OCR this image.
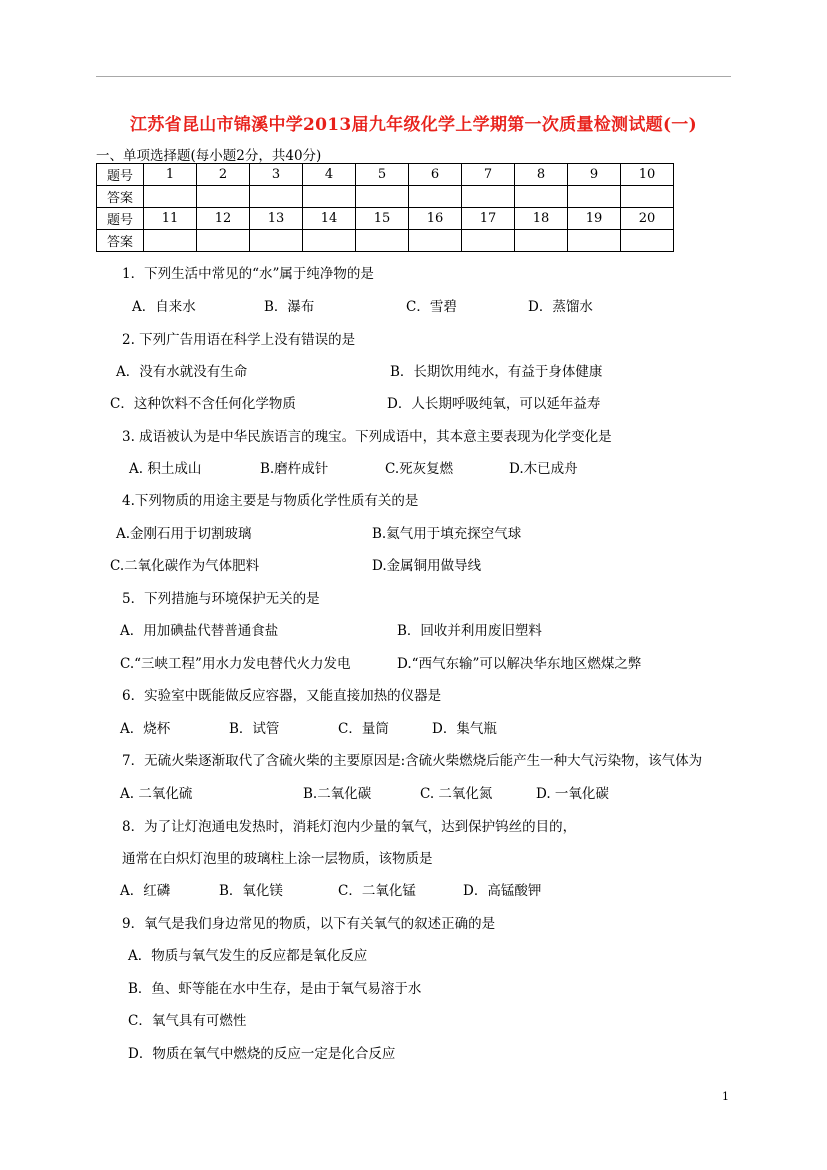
江苏省昆山市锦溪中学2013届九年级化学上学期第一次质量检测试题(一)
一、单项选择题(每小题2分，共40分)
题号	1	2	3	4	5	6	7	8	9	10
答案										
题号	11	12	13	14	15	16	17	18	19	20
答案										
1．下列生活中常见的“水”属于纯净物的是
A．自来水	B．瀑布	C．雪碧	D．蒸馏水
2. 下列广告用语在科学上没有错误的是
A．没有水就没有生命	B．长期饮用纯水，有益于身体健康
C．这种饮料不含任何化学物质	D．人长期呼吸纯氧，可以延年益寿
3. 成语被认为是中华民族语言的瑰宝。下列成语中，其本意主要表现为化学变化是
A. 积土成山	B.磨杵成针	C.死灰复燃	D.木已成舟
4.下列物质的用途主要是与物质化学性质有关的是
A.金刚石用于切割玻璃	B.氦气用于填充探空气球
C.二氧化碳作为气体肥料	D.金属铜用做导线
5．下列措施与环境保护无关的是
A．用加碘盐代替普通食盐	B．回收并利用废旧塑料
C.“三峡工程”用水力发电替代火力发电	D.“西气东输”可以解决华东地区燃煤之弊
6．实验室中既能做反应容器，又能直接加热的仪器是
A．烧杯	B．试管	C．量筒	D．集气瓶
7．无硫火柴逐渐取代了含硫火柴的主要原因是:含硫火柴燃烧后能产生一种大气污染物，该气体为
A. 二氧化硫	B.二氧化碳	C. 二氧化氮	D. 一氧化碳
8．为了让灯泡通电发热时，消耗灯泡内少量的氧气，达到保护钨丝的目的，
通常在白炽灯泡里的玻璃柱上涂一层物质，该物质是
A．红磷	B．氧化镁	C．二氧化锰	D．高锰酸钾
9．氧气是我们身边常见的物质，以下有关氧气的叙述正确的是
A．物质与氧气发生的反应都是氧化反应
B．鱼、虾等能在水中生存，是由于氧气易溶于水
C．氧气具有可燃性
D．物质在氧气中燃烧的反应一定是化合反应
1
